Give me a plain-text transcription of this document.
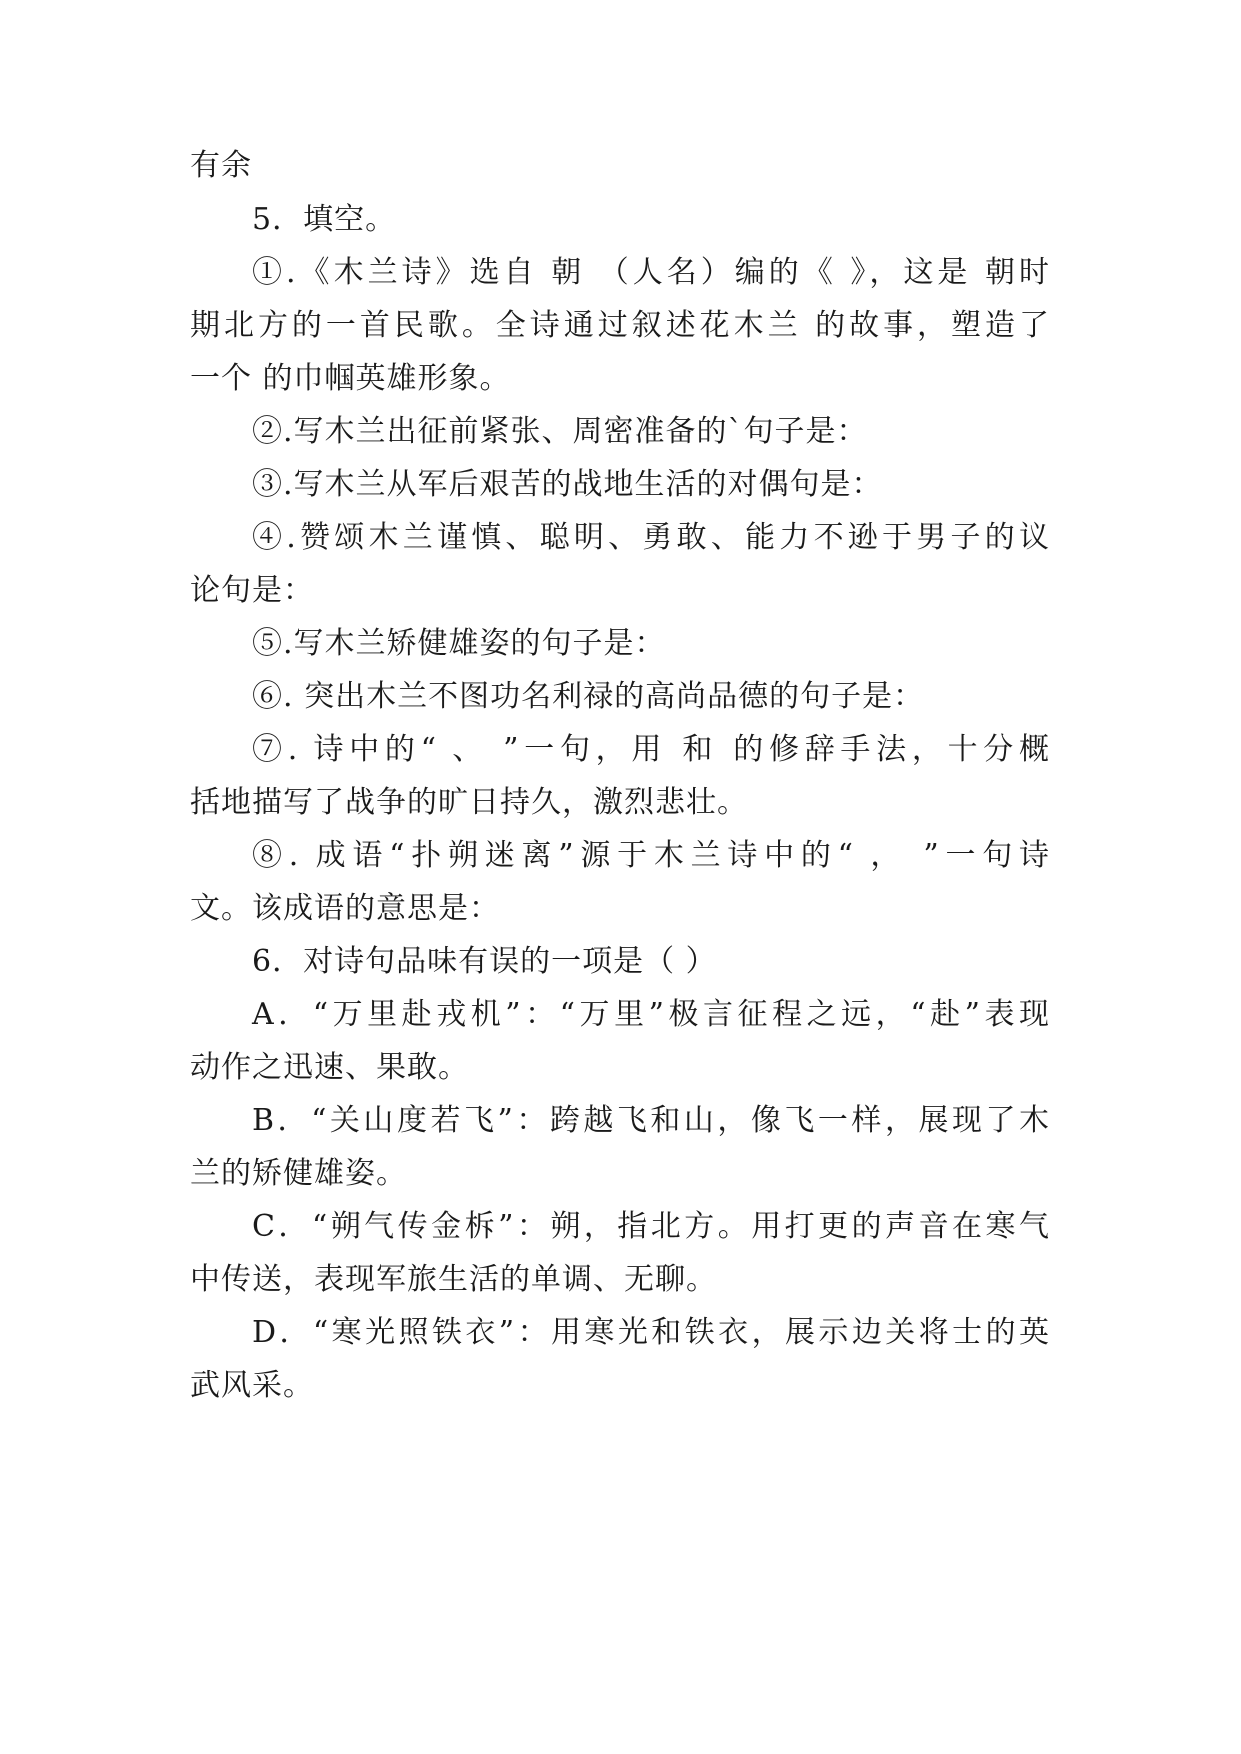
有余
5．填空。
①.《木兰诗》选自 朝 （人名）编的《 》，这是 朝时
期北方的一首民歌。全诗通过叙述花木兰 的故事，塑造了
一个 的巾帼英雄形象。
②.写木兰出征前紧张、周密准备的`句子是：
③.写木兰从军后艰苦的战地生活的对偶句是：
④.赞颂木兰谨慎、聪明、勇敢、能力不逊于男子的议
论句是：
⑤.写木兰矫健雄姿的句子是：
⑥. 突出木兰不图功名利禄的高尚品德的句子是：
⑦. 诗中的“ 、 ”一句，用 和 的修辞手法，十分概
括地描写了战争的旷日持久，激烈悲壮。
⑧. 成语“扑朔迷离”源于木兰诗中的“ ， ”一句诗
文。该成语的意思是：
6．对诗句品味有误的一项是（ ）
A．“万里赴戎机”：“万里”极言征程之远，“赴”表现
动作之迅速、果敢。
B．“关山度若飞”：跨越飞和山，像飞一样，展现了木
兰的矫健雄姿。
C．“朔气传金柝”：朔，指北方。用打更的声音在寒气
中传送，表现军旅生活的单调、无聊。
D．“寒光照铁衣”：用寒光和铁衣，展示边关将士的英
武风采。
